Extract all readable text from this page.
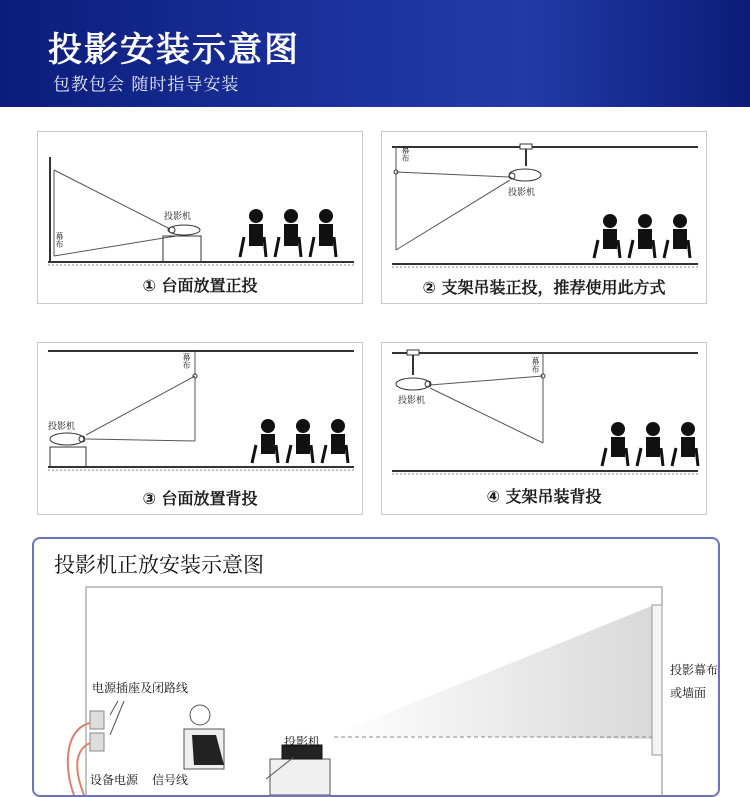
投影安装示意图
包教包会 随时指导安装
投影机
幕布
① 台面放置正投
投影机
幕布
② 支架吊装正投，推荐使用此方式
投影机
幕布
③ 台面放置背投
投影机
幕布
④ 支架吊装背投
投影机正放安装示意图
电源插座及闭路线
投影幕布
或墙面
投影机
设备电源 信号线
